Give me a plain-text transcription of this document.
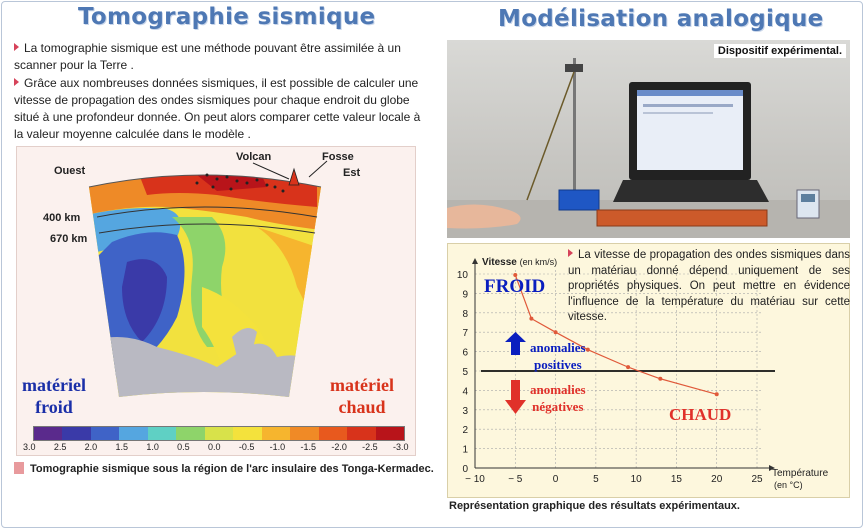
Tomographie sismique

La tomographie sismique est une méthode pouvant être assimilée à un scanner pour la Terre .

Grâce aux nombreuses données sismiques, il est possible de calculer une vitesse de propagation des ondes sismiques pour chaque endroit du globe situé à une profondeur donnée. On peut alors comparer cette valeur locale à la valeur moyenne calculée dans le modèle .

Ouest
Volcan	Fosse
Est
400 km
670 km
matériel
froid
matériel
chaud
3.0 2.5 2.0 1.5 1.0 0.5 0.0 -0.5 -1.0 -1.5 -2.0 -2.5 -3.0
Tomographie sismique sous la région de l'arc insulaire des Tonga-Kermadec.
Modélisation analogique
Dispositif expérimental.
0
1
2
3
4
5
6
7
8
9
10
− 10 − 5	0	5	10	15	20	25
Vitesse (en km/s)
Température
(en °C)
La vitesse de propagation des ondes sismiques dans un matériau donné dépend uniquement de ses propriétés physiques. On peut mettre en évidence l'influence de la température du matériau sur cette vitesse.
FROID
CHAUD
anomalies
positives
anomalies
négatives
Représentation graphique des résultats expérimentaux.
